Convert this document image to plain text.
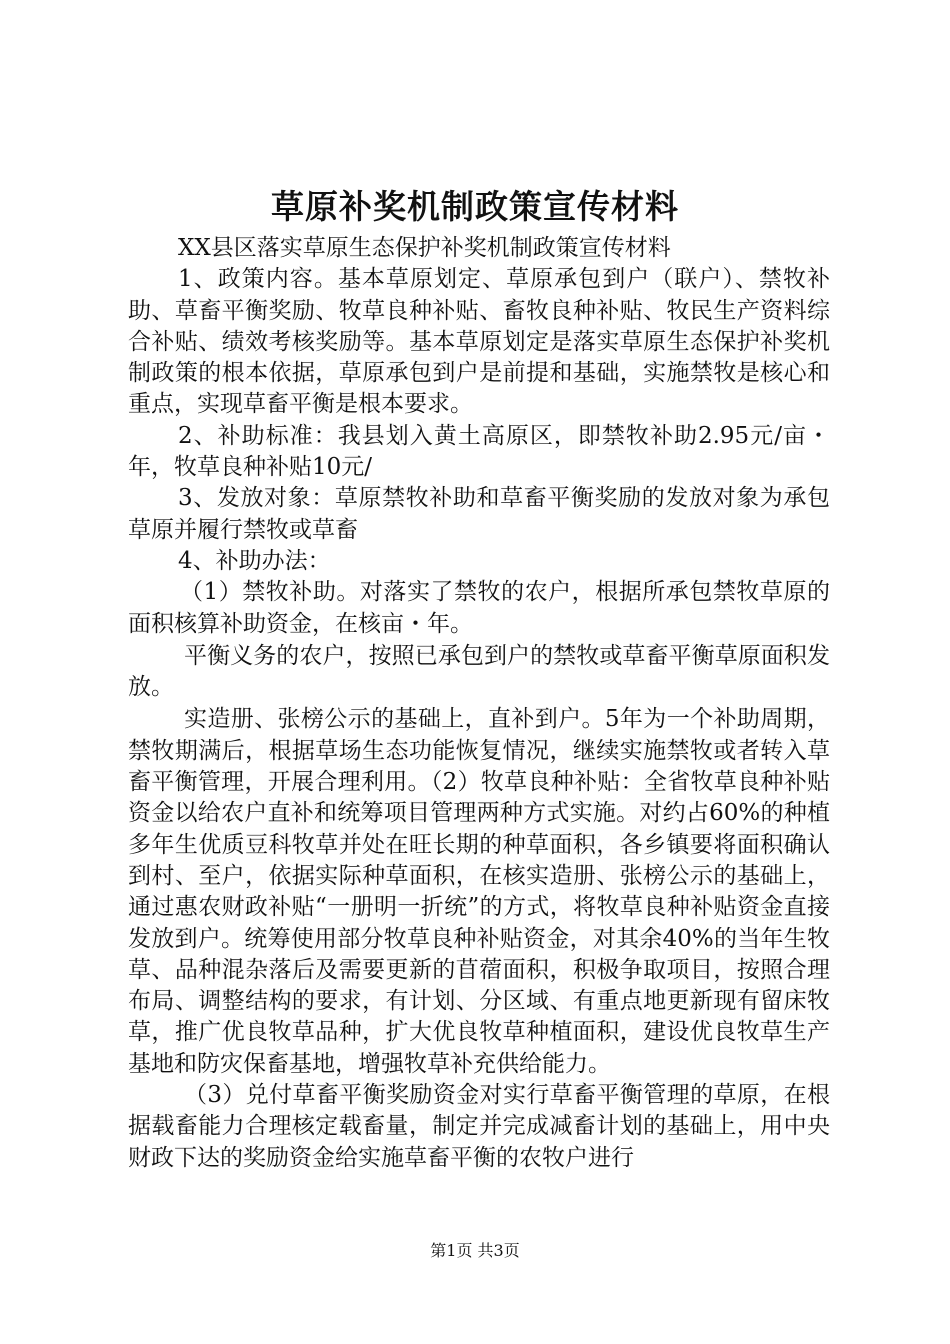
草原补奖机制政策宣传材料

XX县区落实草原生态保护补奖机制政策宣传材料

1、政策内容。基本草原划定、草原承包到户（联户）、禁牧补助、草畜平衡奖励、牧草良种补贴、畜牧良种补贴、牧民生产资料综合补贴、绩效考核奖励等。基本草原划定是落实草原生态保护补奖机制政策的根本依据，草原承包到户是前提和基础，实施禁牧是核心和重点，实现草畜平衡是根本要求。

2、补助标准：我县划入黄土高原区，即禁牧补助2.95元/亩・年，牧草良种补贴10元/

3、发放对象：草原禁牧补助和草畜平衡奖励的发放对象为承包草原并履行禁牧或草畜

4、补助办法：

（1）禁牧补助。对落实了禁牧的农户，根据所承包禁牧草原的面积核算补助资金，在核亩・年。

平衡义务的农户，按照已承包到户的禁牧或草畜平衡草原面积发放。

实造册、张榜公示的基础上，直补到户。5年为一个补助周期，禁牧期满后，根据草场生态功能恢复情况，继续实施禁牧或者转入草畜平衡管理，开展合理利用。（2）牧草良种补贴：全省牧草良种补贴资金以给农户直补和统筹项目管理两种方式实施。对约占60%的种植多年生优质豆科牧草并处在旺长期的种草面积，各乡镇要将面积确认到村、至户，依据实际种草面积，在核实造册、张榜公示的基础上，通过惠农财政补贴“一册明一折统”的方式，将牧草良种补贴资金直接发放到户。统筹使用部分牧草良种补贴资金，对其余40%的当年生牧草、品种混杂落后及需要更新的苜蓿面积，积极争取项目，按照合理布局、调整结构的要求，有计划、分区域、有重点地更新现有留床牧草，推广优良牧草品种，扩大优良牧草种植面积，建设优良牧草生产基地和防灾保畜基地，增强牧草补充供给能力。

（3）兑付草畜平衡奖励资金对实行草畜平衡管理的草原，在根据载畜能力合理核定载畜量，制定并完成减畜计划的基础上，用中央财政下达的奖励资金给实施草畜平衡的农牧户进行

第1页 共3页
